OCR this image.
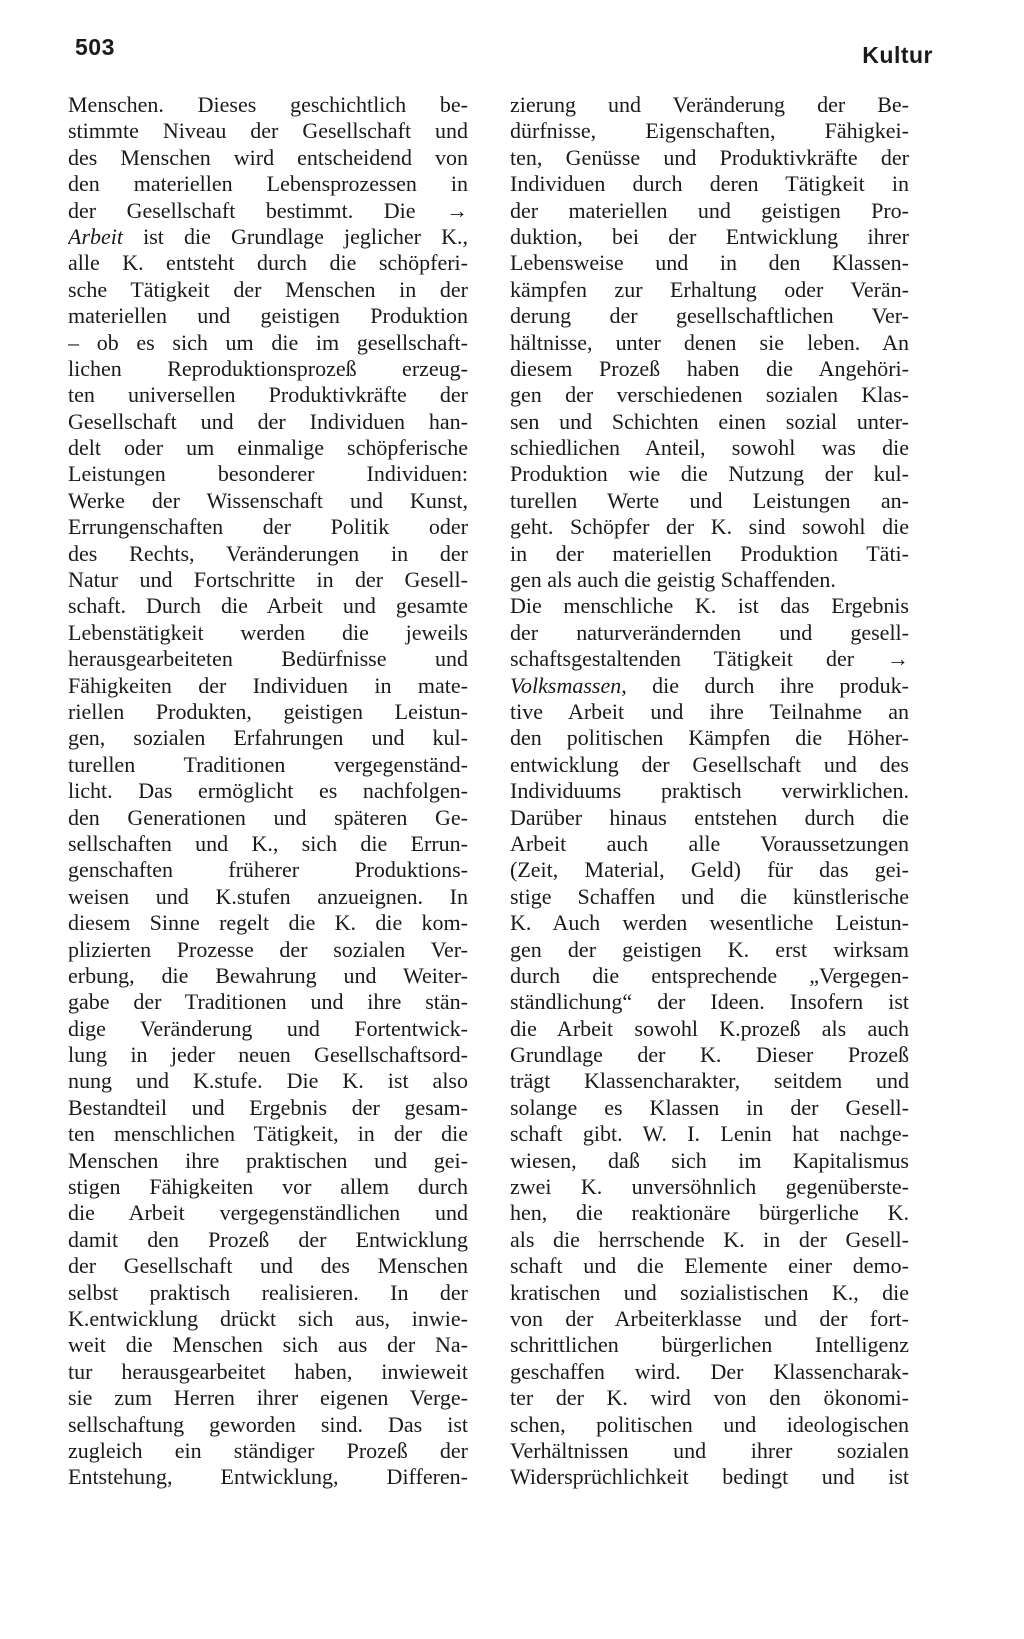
503	Kultur
Menschen. Dieses geschichtlich be-
stimmte Niveau der Gesellschaft und
des Menschen wird entscheidend von
den materiellen Lebensprozessen in
der Gesellschaft bestimmt. Die →
Arbeit ist die Grundlage jeglicher K.,
alle K. entsteht durch die schöpferi-
sche Tätigkeit der Menschen in der
materiellen und geistigen Produktion
– ob es sich um die im gesellschaft-
lichen Reproduktionsprozeß erzeug-
ten universellen Produktivkräfte der
Gesellschaft und der Individuen han-
delt oder um einmalige schöpferische
Leistungen besonderer Individuen:
Werke der Wissenschaft und Kunst,
Errungenschaften der Politik oder
des Rechts, Veränderungen in der
Natur und Fortschritte in der Gesell-
schaft. Durch die Arbeit und gesamte
Lebenstätigkeit werden die jeweils
herausgearbeiteten Bedürfnisse und
Fähigkeiten der Individuen in mate-
riellen Produkten, geistigen Leistun-
gen, sozialen Erfahrungen und kul-
turellen Traditionen vergegenständ-
licht. Das ermöglicht es nachfolgen-
den Generationen und späteren Ge-
sellschaften und K., sich die Errun-
genschaften früherer Produktions-
weisen und K.stufen anzueignen. In
diesem Sinne regelt die K. die kom-
plizierten Prozesse der sozialen Ver-
erbung, die Bewahrung und Weiter-
gabe der Traditionen und ihre stän-
dige Veränderung und Fortentwick-
lung in jeder neuen Gesellschaftsord-
nung und K.stufe. Die K. ist also
Bestandteil und Ergebnis der gesam-
ten menschlichen Tätigkeit, in der die
Menschen ihre praktischen und gei-
stigen Fähigkeiten vor allem durch
die Arbeit vergegenständlichen und
damit den Prozeß der Entwicklung
der Gesellschaft und des Menschen
selbst praktisch realisieren. In der
K.entwicklung drückt sich aus, inwie-
weit die Menschen sich aus der Na-
tur herausgearbeitet haben, inwieweit
sie zum Herren ihrer eigenen Verge-
sellschaftung geworden sind. Das ist
zugleich ein ständiger Prozeß der
Entstehung, Entwicklung, Differen-
zierung und Veränderung der Be-
dürfnisse, Eigenschaften, Fähigkei-
ten, Genüsse und Produktivkräfte der
Individuen durch deren Tätigkeit in
der materiellen und geistigen Pro-
duktion, bei der Entwicklung ihrer
Lebensweise und in den Klassen-
kämpfen zur Erhaltung oder Verän-
derung der gesellschaftlichen Ver-
hältnisse, unter denen sie leben. An
diesem Prozeß haben die Angehöri-
gen der verschiedenen sozialen Klas-
sen und Schichten einen sozial unter-
schiedlichen Anteil, sowohl was die
Produktion wie die Nutzung der kul-
turellen Werte und Leistungen an-
geht. Schöpfer der K. sind sowohl die
in der materiellen Produktion Täti-
gen als auch die geistig Schaffenden.
Die menschliche K. ist das Ergebnis
der naturverändernden und gesell-
schaftsgestaltenden Tätigkeit der →
Volksmassen, die durch ihre produk-
tive Arbeit und ihre Teilnahme an
den politischen Kämpfen die Höher-
entwicklung der Gesellschaft und des
Individuums praktisch verwirklichen.
Darüber hinaus entstehen durch die
Arbeit auch alle Voraussetzungen
(Zeit, Material, Geld) für das gei-
stige Schaffen und die künstlerische
K. Auch werden wesentliche Leistun-
gen der geistigen K. erst wirksam
durch die entsprechende „Vergegen-
ständlichung“ der Ideen. Insofern ist
die Arbeit sowohl K.prozeß als auch
Grundlage der K. Dieser Prozeß
trägt Klassencharakter, seitdem und
solange es Klassen in der Gesell-
schaft gibt. W. I. Lenin hat nachge-
wiesen, daß sich im Kapitalismus
zwei K. unversöhnlich gegenüberste-
hen, die reaktionäre bürgerliche K.
als die herrschende K. in der Gesell-
schaft und die Elemente einer demo-
kratischen und sozialistischen K., die
von der Arbeiterklasse und der fort-
schrittlichen bürgerlichen Intelligenz
geschaffen wird. Der Klassencharak-
ter der K. wird von den ökonomi-
schen, politischen und ideologischen
Verhältnissen und ihrer sozialen
Widersprüchlichkeit bedingt und ist
